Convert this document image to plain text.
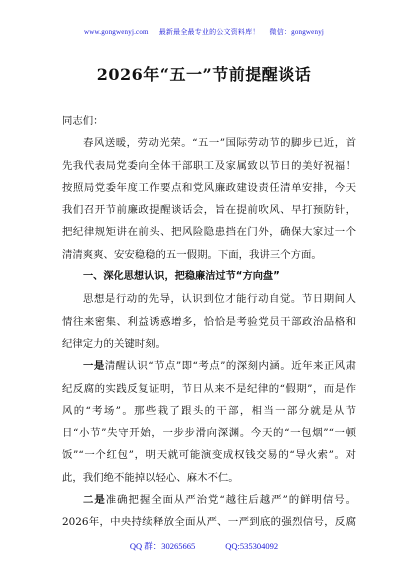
www.gongwenyj.com 最新最全最专业的公文资料库！ 微信：gongwenyj
2026年“五一”节前提醒谈话
同志们：
春风送暖，劳动光荣。“五一”国际劳动节的脚步已近，首
先我代表局党委向全体干部职工及家属致以节日的美好祝福！
按照局党委年度工作要点和党风廉政建设责任清单安排，今天
我们召开节前廉政提醒谈话会，旨在提前吹风、早打预防针，
把纪律规矩讲在前头、把风险隐患挡在门外，确保大家过一个
清清爽爽、安安稳稳的五一假期。下面，我讲三个方面。
一、深化思想认识，把稳廉洁过节“方向盘”
思想是行动的先导，认识到位才能行动自觉。节日期间人
情往来密集、利益诱惑增多，恰恰是考验党员干部政治品格和
纪律定力的关键时刻。
一是清醒认识“节点”即“考点”的深刻内涵。近年来正风肃
纪反腐的实践反复证明，节日从来不是纪律的“假期”，而是作
风的“考场”。那些栽了跟头的干部，相当一部分就是从节
日“小节”失守开始，一步步滑向深渊。今天的“一包烟”“一顿
饭”“一个红包”，明天就可能演变成权钱交易的“导火索”。对
此，我们绝不能掉以轻心、麻木不仁。
二是准确把握全面从严治党“越往后越严”的鲜明信号。
2026年，中央持续释放全面从严、一严到底的强烈信号，反腐
QQ 群：30265665	QQ:535304092
